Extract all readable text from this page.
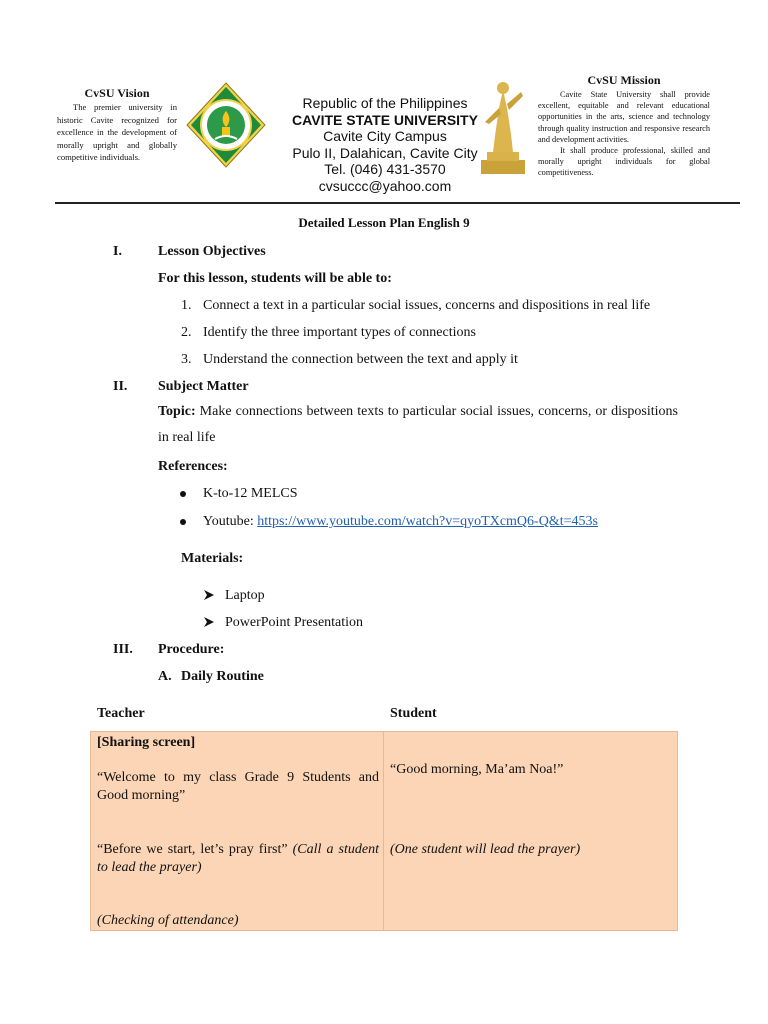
CvSU Vision
The premier university in historic Cavite recognized for excellence in the development of morally upright and globally competitive individuals.
Republic of the Philippines
CAVITE STATE UNIVERSITY
Cavite City Campus
Pulo II, Dalahican, Cavite City
Tel. (046) 431-3570
cvsuccc@yahoo.com
CvSU Mission

Cavite State University shall provide excellent, equitable and relevant educational opportunities in the arts, science and technology through quality instruction and responsive research and development activities.

It shall produce professional, skilled and morally upright individuals for global competitiveness.

Detailed Lesson Plan English 9
I.	Lesson Objectives
For this lesson, students will be able to:
1. Connect a text in a particular social issues, concerns and dispositions in real life
2. Identify the three important types of connections
3. Understand the connection between the text and apply it
II. Subject Matter
Topic: Make connections between texts to particular social issues, concerns, or dispositions in real life
References:
K-to-12 MELCS
Youtube: https://www.youtube.com/watch?v=qyoTXcmQ6-Q&t=453s
Materials:
Laptop
PowerPoint Presentation
III. Procedure:
A. Daily Routine
Teacher	Student
[Sharing screen]
“Welcome to my class Grade 9 Students and Good morning”
“Before we start, let’s pray first” (Call a student to lead the prayer)
(Checking of attendance)
“Good morning, Ma’am Noa!”
(One student will lead the prayer)
